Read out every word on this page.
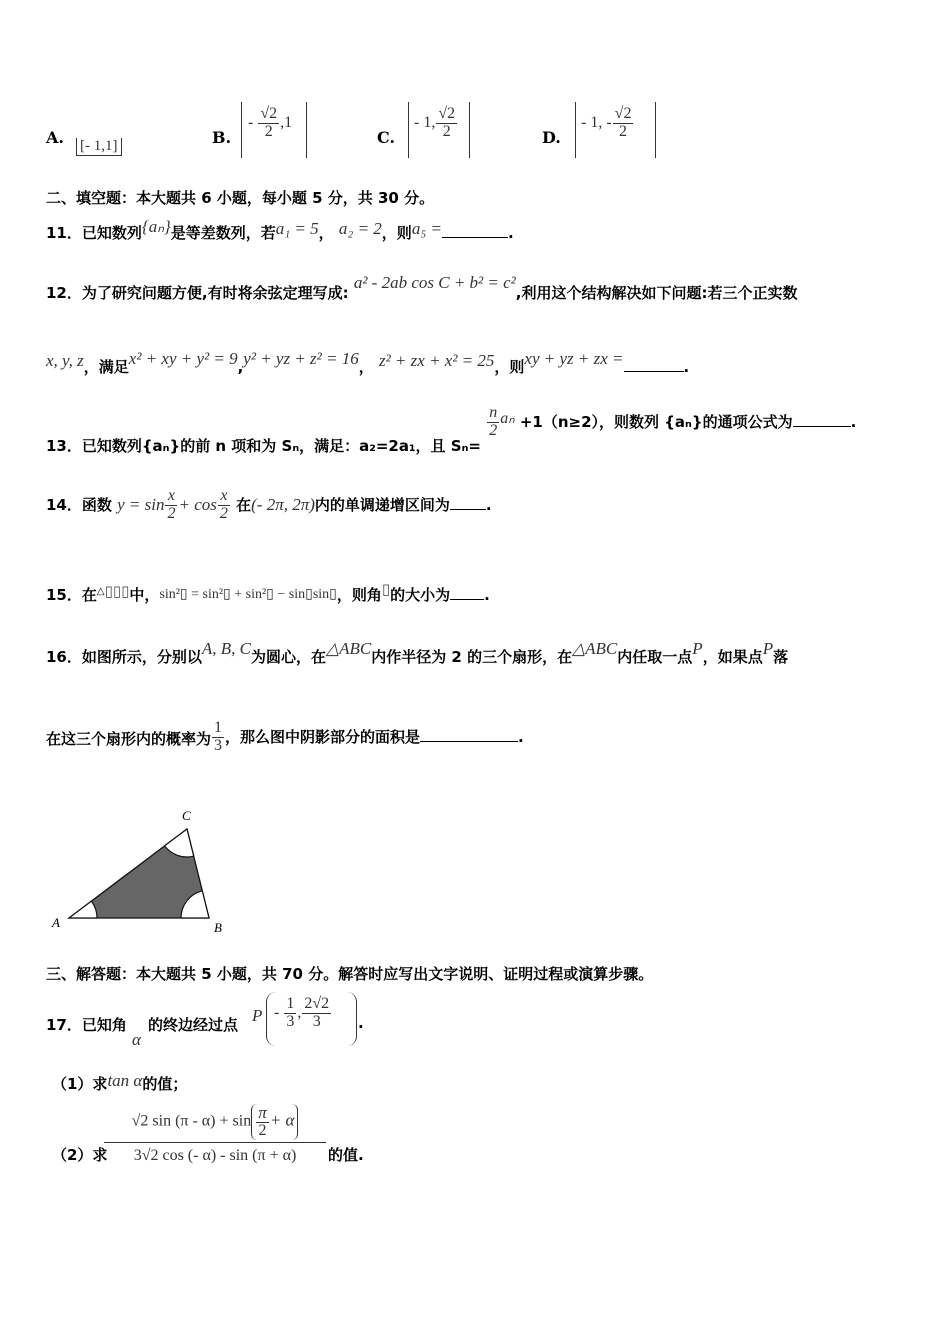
A. [- 1,1]	B.
- $\frac{√2}{2} ,1$
C.
- 1, $\frac{√2}{2}$	D.
- 1, - $\frac{√2}{2}$
二、填空题：本大题共 6 小题，每小题 5 分，共 30 分。
11．已知数列{aₙ}是等差数列，若a₁ = 5， a₂ = 2，则a₅ =	.
12．为了研究问题方便,有时将余弦定理写成: a² - 2ab cos C + b² = c²,利用这个结构解决如下问题:若三个正实数
x, y, z，满足x² + xy + y² = 9,y² + yz + z² = 16， z² + zx + x² = 25，则xy + yz + zx =	.
13．已知数列{aₙ}的前 n 项和为 Sₙ，满足：a₂=2a₁，且 Sₙ=
$\frac{n}{2}$ aₙ +1（n≥2），则数列 {aₙ}的通项公式为	.
14．函数 $y = \sin \frac{x}{2} + \cos \frac{x}{2}$ 在(- 2π, 2π)内的单调递增区间为 .
15．在△▯▯▯中，sin²▯ = sin²▯ + sin²▯ − sin▯sin▯，则角▯的大小为 .
16．如图所示，分别以A, B, C为圆心，在△ABC内作半径为 2 的三个扇形，在△ABC内任取一点P，如果点P落
在这三个扇形内的概率为 $\frac{1}{3}$ ，那么图中阴影部分的面积是	.
A	B
C
三、解答题：本大题共 5 小题，共 70 分。解答时应写出文字说明、证明过程或演算步骤。
17．已知角
α
的终边经过点 P - $\frac{1}{3}$ , $\frac{2√2}{3}$ .
（1）求tan α的值；
（2）求
√2 $\sin (\pi - \alpha) + \sin \frac{\pi}{2} + \alpha$
3√2 cos (- α) - sin (π + α)	的值.
